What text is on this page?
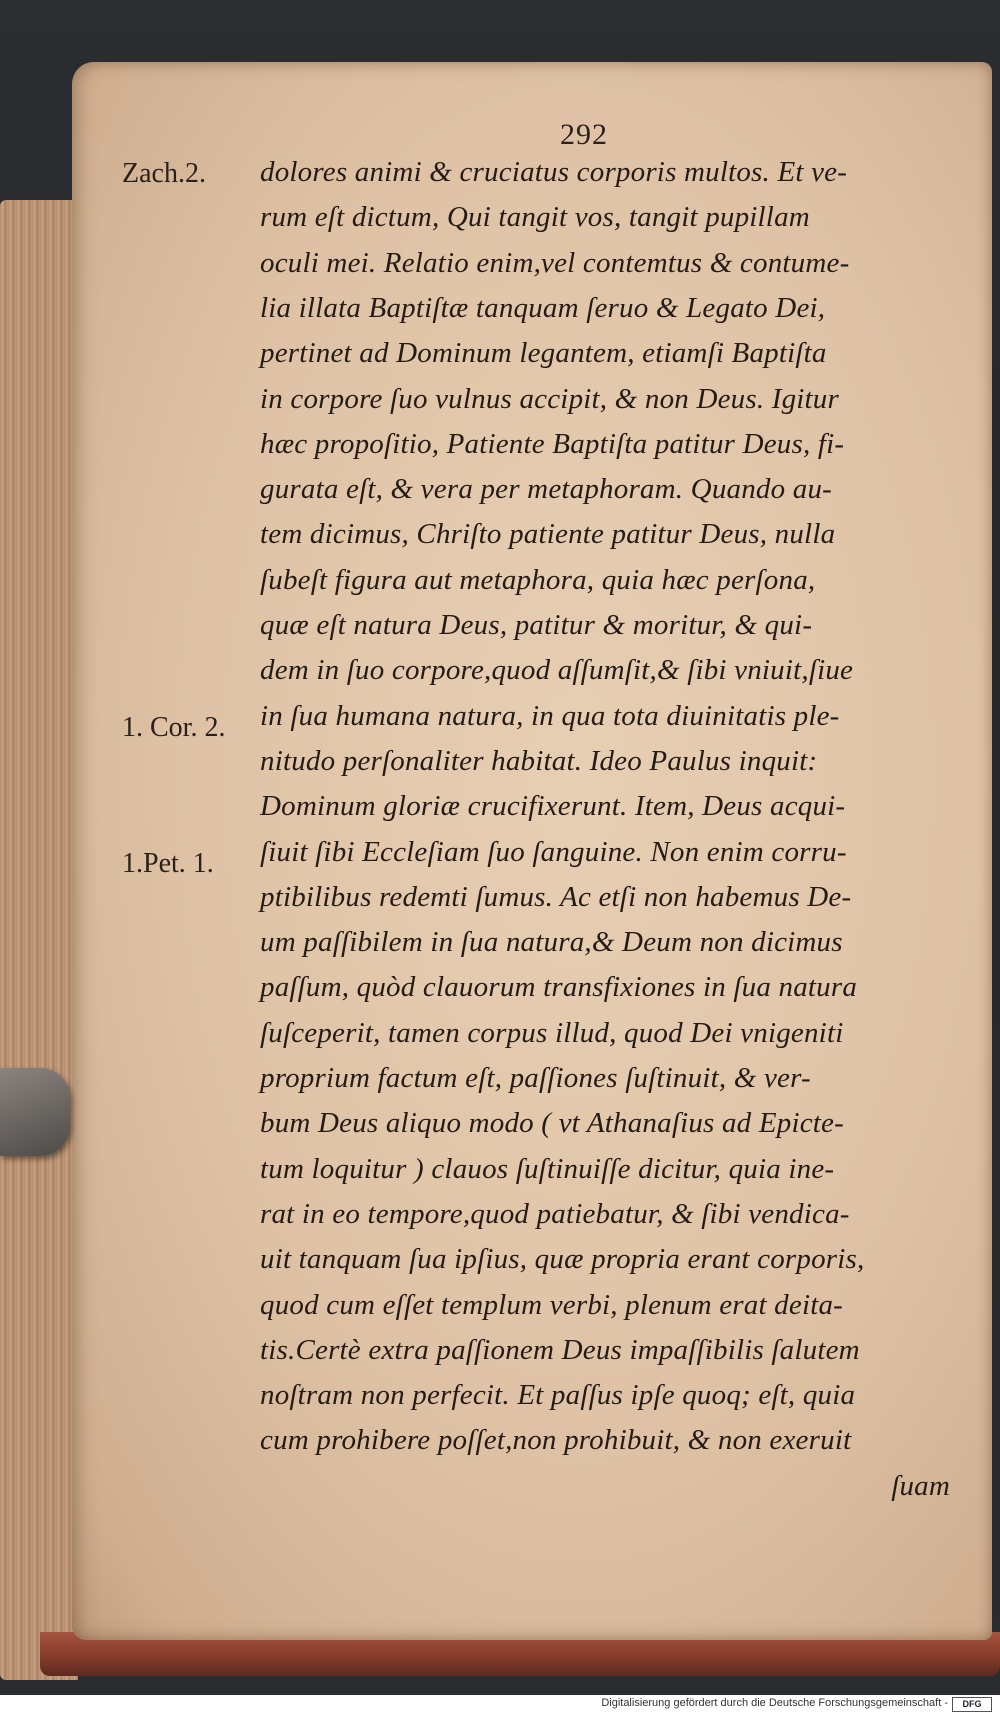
292
Zach.2.
1. Cor. 2.
1.Pet. 1.
dolores animi & cruciatus corporis multos. Et ve-
rum eſt dictum, Qui tangit vos, tangit pupillam
oculi mei. Relatio enim,vel contemtus & contume-
lia illata Baptiſtæ tanquam ſeruo & Legato Dei,
pertinet ad Dominum legantem, etiamſi Baptiſta
in corpore ſuo vulnus accipit, & non Deus. Igitur
hæc propoſitio, Patiente Baptiſta patitur Deus, fi-
gurata eſt, & vera per metaphoram. Quando au-
tem dicimus, Chriſto patiente patitur Deus, nulla
ſubeſt figura aut metaphora, quia hæc perſona,
quæ eſt natura Deus, patitur & moritur, & qui-
dem in ſuo corpore,quod aſſumſit,& ſibi vniuit,ſiue
in ſua humana natura, in qua tota diuinitatis ple-
nitudo perſonaliter habitat. Ideo Paulus inquit:
Dominum gloriæ crucifixerunt. Item, Deus acqui-
ſiuit ſibi Eccleſiam ſuo ſanguine. Non enim corru-
ptibilibus redemti ſumus. Ac etſi non habemus De-
um paſſibilem in ſua natura,& Deum non dicimus
paſſum, quòd clauorum transfixiones in ſua natura
ſuſceperit, tamen corpus illud, quod Dei vnigeniti
proprium factum eſt, paſſiones ſuſtinuit, & ver-
bum Deus aliquo modo ( vt Athanaſius ad Epicte-
tum loquitur ) clauos ſuſtinuiſſe dicitur, quia ine-
rat in eo tempore,quod patiebatur, & ſibi vendica-
uit tanquam ſua ipſius, quæ propria erant corporis,
quod cum eſſet templum verbi, plenum erat deita-
tis.Certè extra paſſionem Deus impaſſibilis ſalutem
noſtram non perfecit. Et paſſus ipſe quoq; eſt, quia
cum prohibere poſſet,non prohibuit, & non exeruit
ſuam
Digitalisierung gefördert durch die Deutsche Forschungsgemeinschaft -	DFG
